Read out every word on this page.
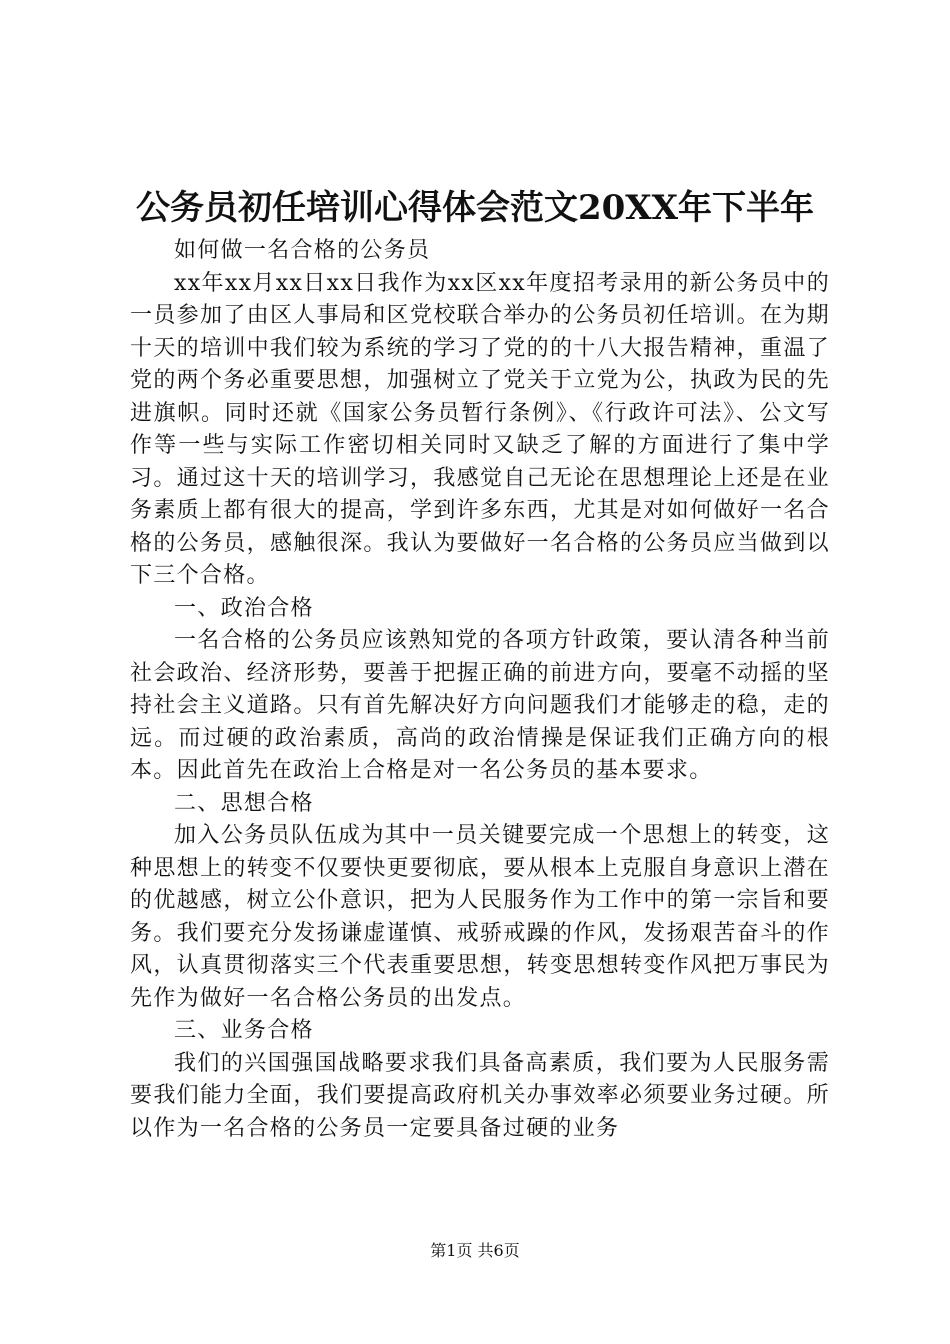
公务员初任培训心得体会范文20XX年下半年

如何做一名合格的公务员

xx年xx月xx日xx日我作为xx区xx年度招考录用的新公务员中的一员参加了由区人事局和区党校联合举办的公务员初任培训。在为期十天的培训中我们较为系统的学习了党的的十八大报告精神，重温了党的两个务必重要思想，加强树立了党关于立党为公，执政为民的先进旗帜。同时还就《国家公务员暂行条例》、《行政许可法》、公文写作等一些与实际工作密切相关同时又缺乏了解的方面进行了集中学习。通过这十天的培训学习，我感觉自己无论在思想理论上还是在业务素质上都有很大的提高，学到许多东西，尤其是对如何做好一名合格的公务员，感触很深。我认为要做好一名合格的公务员应当做到以下三个合格。

一、政治合格

一名合格的公务员应该熟知党的各项方针政策，要认清各种当前社会政治、经济形势，要善于把握正确的前进方向，要毫不动摇的坚持社会主义道路。只有首先解决好方向问题我们才能够走的稳，走的远。而过硬的政治素质，高尚的政治情操是保证我们正确方向的根本。因此首先在政治上合格是对一名公务员的基本要求。

二、思想合格

加入公务员队伍成为其中一员关键要完成一个思想上的转变，这种思想上的转变不仅要快更要彻底，要从根本上克服自身意识上潜在的优越感，树立公仆意识，把为人民服务作为工作中的第一宗旨和要务。我们要充分发扬谦虚谨慎、戒骄戒躁的作风，发扬艰苦奋斗的作风，认真贯彻落实三个代表重要思想，转变思想转变作风把万事民为先作为做好一名合格公务员的出发点。

三、业务合格

我们的兴国强国战略要求我们具备高素质，我们要为人民服务需要我们能力全面，我们要提高政府机关办事效率必须要业务过硬。所以作为一名合格的公务员一定要具备过硬的业务

第1页 共6页
